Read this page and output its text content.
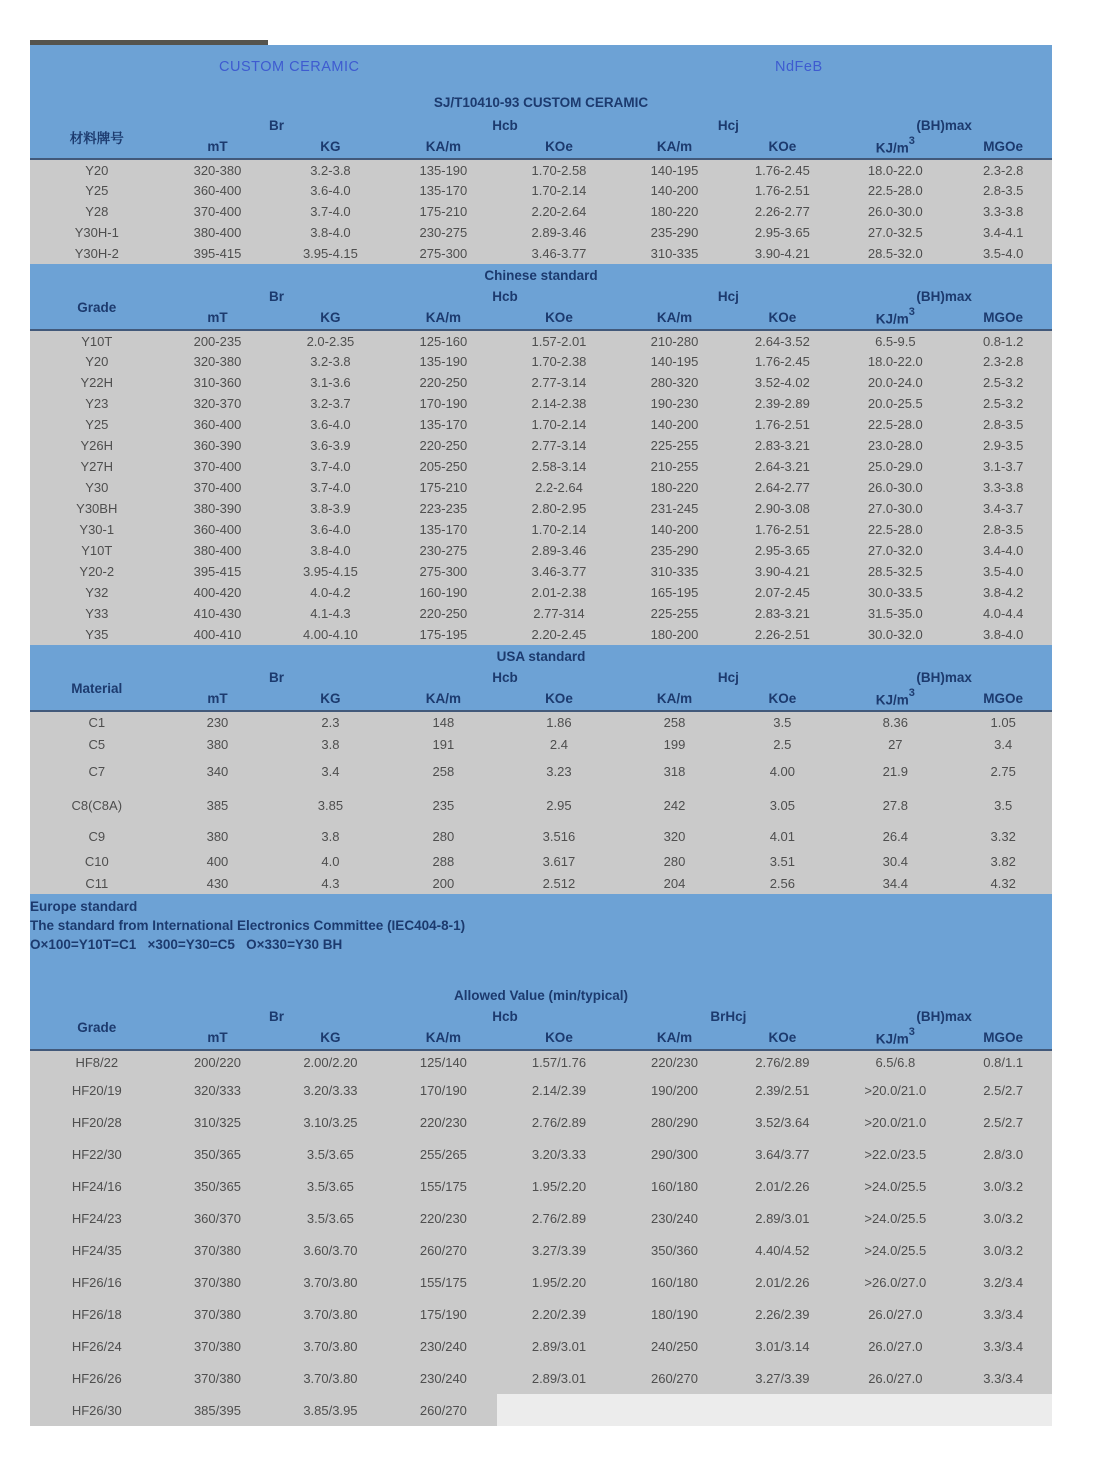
CUSTOM CERAMIC	NdFeB
SJ/T10410-93 CUSTOM CERAMIC								
材料牌号	Br		Hcb		Hcj		(BH)max	
	mT	KG	KA/m	KOe	KA/m	KOe	$KJ/m^3$	MGOe
Y20	320-380	3.2-3.8	135-190	1.70-2.58	140-195	1.76-2.45	18.0-22.0	2.3-2.8
Y25	360-400	3.6-4.0	135-170	1.70-2.14	140-200	1.76-2.51	22.5-28.0	2.8-3.5
Y28	370-400	3.7-4.0	175-210	2.20-2.64	180-220	2.26-2.77	26.0-30.0	3.3-3.8
Y30H-1	380-400	3.8-4.0	230-275	2.89-3.46	235-290	2.95-3.65	27.0-32.5	3.4-4.1
Y30H-2	395-415	3.95-4.15	275-300	3.46-3.77	310-335	3.90-4.21	28.5-32.0	3.5-4.0
Chinese standard								
Grade	Br		Hcb		Hcj		(BH)max	
	mT	KG	KA/m	KOe	KA/m	KOe	$KJ/m^3$	MGOe
Y10T	200-235	2.0-2.35	125-160	1.57-2.01	210-280	2.64-3.52	6.5-9.5	0.8-1.2
Y20	320-380	3.2-3.8	135-190	1.70-2.38	140-195	1.76-2.45	18.0-22.0	2.3-2.8
Y22H	310-360	3.1-3.6	220-250	2.77-3.14	280-320	3.52-4.02	20.0-24.0	2.5-3.2
Y23	320-370	3.2-3.7	170-190	2.14-2.38	190-230	2.39-2.89	20.0-25.5	2.5-3.2
Y25	360-400	3.6-4.0	135-170	1.70-2.14	140-200	1.76-2.51	22.5-28.0	2.8-3.5
Y26H	360-390	3.6-3.9	220-250	2.77-3.14	225-255	2.83-3.21	23.0-28.0	2.9-3.5
Y27H	370-400	3.7-4.0	205-250	2.58-3.14	210-255	2.64-3.21	25.0-29.0	3.1-3.7
Y30	370-400	3.7-4.0	175-210	2.2-2.64	180-220	2.64-2.77	26.0-30.0	3.3-3.8
Y30BH	380-390	3.8-3.9	223-235	2.80-2.95	231-245	2.90-3.08	27.0-30.0	3.4-3.7
Y30-1	360-400	3.6-4.0	135-170	1.70-2.14	140-200	1.76-2.51	22.5-28.0	2.8-3.5
Y10T	380-400	3.8-4.0	230-275	2.89-3.46	235-290	2.95-3.65	27.0-32.0	3.4-4.0
Y20-2	395-415	3.95-4.15	275-300	3.46-3.77	310-335	3.90-4.21	28.5-32.5	3.5-4.0
Y32	400-420	4.0-4.2	160-190	2.01-2.38	165-195	2.07-2.45	30.0-33.5	3.8-4.2
Y33	410-430	4.1-4.3	220-250	2.77-314	225-255	2.83-3.21	31.5-35.0	4.0-4.4
Y35	400-410	4.00-4.10	175-195	2.20-2.45	180-200	2.26-2.51	30.0-32.0	3.8-4.0
USA standard								
Material	Br		Hcb		Hcj		(BH)max	
	mT	KG	KA/m	KOe	KA/m	KOe	$KJ/m^3$	MGOe
C1	230	2.3	148	1.86	258	3.5	8.36	1.05
C5	380	3.8	191	2.4	199	2.5	27	3.4
C7	340	3.4	258	3.23	318	4.00	21.9	2.75
C8(C8A)	385	3.85	235	2.95	242	3.05	27.8	3.5
C9	380	3.8	280	3.516	320	4.01	26.4	3.32
C10	400	4.0	288	3.617	280	3.51	30.4	3.82
C11	430	4.3	200	2.512	204	2.56	34.4	4.32
Europe standard
The standard from International Electronics Committee (IEC404-8-1)
O×100=Y10T=C1   ×300=Y30=C5   O×330=Y30 BH
Allowed Value (min/typical)								
Grade	Br		Hcb		BrHcj		(BH)max	
	mT	KG	KA/m	KOe	KA/m	KOe	$KJ/m^3$	MGOe
HF8/22	200/220	2.00/2.20	125/140	1.57/1.76	220/230	2.76/2.89	6.5/6.8	0.8/1.1
HF20/19	320/333	3.20/3.33	170/190	2.14/2.39	190/200	2.39/2.51	>20.0/21.0	2.5/2.7
HF20/28	310/325	3.10/3.25	220/230	2.76/2.89	280/290	3.52/3.64	>20.0/21.0	2.5/2.7
HF22/30	350/365	3.5/3.65	255/265	3.20/3.33	290/300	3.64/3.77	>22.0/23.5	2.8/3.0
HF24/16	350/365	3.5/3.65	155/175	1.95/2.20	160/180	2.01/2.26	>24.0/25.5	3.0/3.2
HF24/23	360/370	3.5/3.65	220/230	2.76/2.89	230/240	2.89/3.01	>24.0/25.5	3.0/3.2
HF24/35	370/380	3.60/3.70	260/270	3.27/3.39	350/360	4.40/4.52	>24.0/25.5	3.0/3.2
HF26/16	370/380	3.70/3.80	155/175	1.95/2.20	160/180	2.01/2.26	>26.0/27.0	3.2/3.4
HF26/18	370/380	3.70/3.80	175/190	2.20/2.39	180/190	2.26/2.39	26.0/27.0	3.3/3.4
HF26/24	370/380	3.70/3.80	230/240	2.89/3.01	240/250	3.01/3.14	26.0/27.0	3.3/3.4
HF26/26	370/380	3.70/3.80	230/240	2.89/3.01	260/270	3.27/3.39	26.0/27.0	3.3/3.4
HF26/30	385/395	3.85/3.95	260/270					
